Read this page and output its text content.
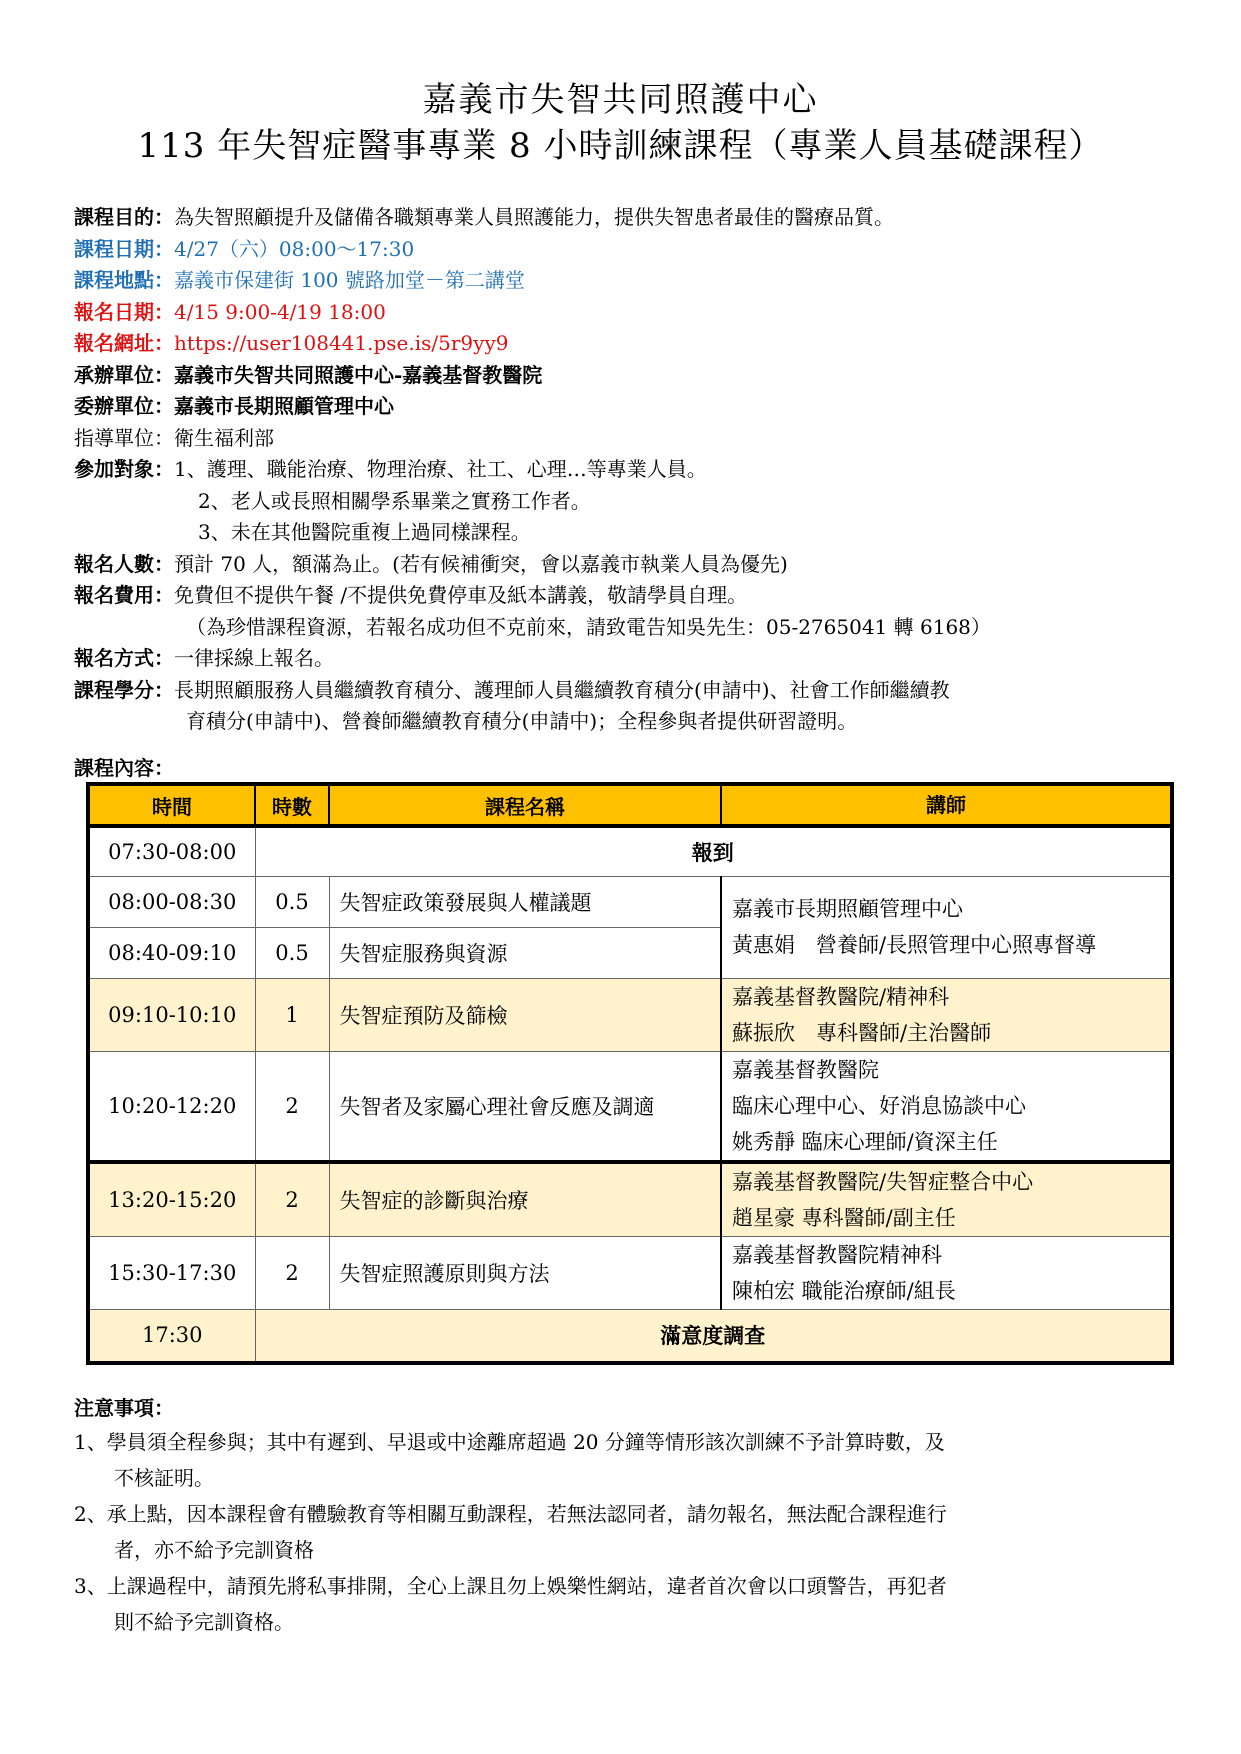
嘉義市失智共同照護中心
113 年失智症醫事專業 8 小時訓練課程（專業人員基礎課程）
課程目的：為失智照顧提升及儲備各職類專業人員照護能力，提供失智患者最佳的醫療品質。
課程日期：4/27（六）08:00～17:30
課程地點：嘉義市保建街 100 號路加堂－第二講堂
報名日期：4/15 9:00-4/19 18:00
報名網址：https://user108441.pse.is/5r9yy9
承辦單位：嘉義市失智共同照護中心-嘉義基督教醫院
委辦單位：嘉義市長期照顧管理中心
指導單位：衛生福利部
參加對象：1、護理、職能治療、物理治療、社工、心理…等專業人員。
2、老人或長照相關學系畢業之實務工作者。
3、未在其他醫院重複上過同樣課程。
報名人數：預計 70 人，額滿為止。(若有候補衝突，會以嘉義市執業人員為優先)
報名費用：免費但不提供午餐 /不提供免費停車及紙本講義，敬請學員自理。
（為珍惜課程資源，若報名成功但不克前來，請致電告知吳先生：05-2765041 轉 6168）
報名方式：一律採線上報名。
課程學分：長期照顧服務人員繼續教育積分、護理師人員繼續教育積分(申請中)、社會工作師繼續教
育積分(申請中)、營養師繼續教育積分(申請中)；全程參與者提供研習證明。
課程內容：
時間	時數	課程名稱	講師
07:30-08:00	報到		
08:00-08:30	0.5	失智症政策發展與人權議題	嘉義市長期照顧管理中心
黃惠娟　營養師/長照管理中心照專督導

08:40-09:10	0.5	失智症服務與資源	
09:10-10:10	1	失智症預防及篩檢	嘉義基督教醫院/精神科
蘇振欣　專科醫師/主治醫師

10:20-12:20	2	失智者及家屬心理社會反應及調適	嘉義基督教醫院
臨床心理中心、好消息協談中心
姚秀靜 臨床心理師/資深主任

13:20-15:20	2	失智症的診斷與治療	嘉義基督教醫院/失智症整合中心
趙星豪 專科醫師/副主任

15:30-17:30	2	失智症照護原則與方法	嘉義基督教醫院精神科
陳柏宏 職能治療師/組長

17:30	滿意度調查		
注意事項：
1、學員須全程參與；其中有遲到、早退或中途離席超過 20 分鐘等情形該次訓練不予計算時數，及
不核証明。
2、承上點，因本課程會有體驗教育等相關互動課程，若無法認同者，請勿報名，無法配合課程進行
者，亦不給予完訓資格
3、上課過程中，請預先將私事排開，全心上課且勿上娛樂性網站，違者首次會以口頭警告，再犯者
則不給予完訓資格。
